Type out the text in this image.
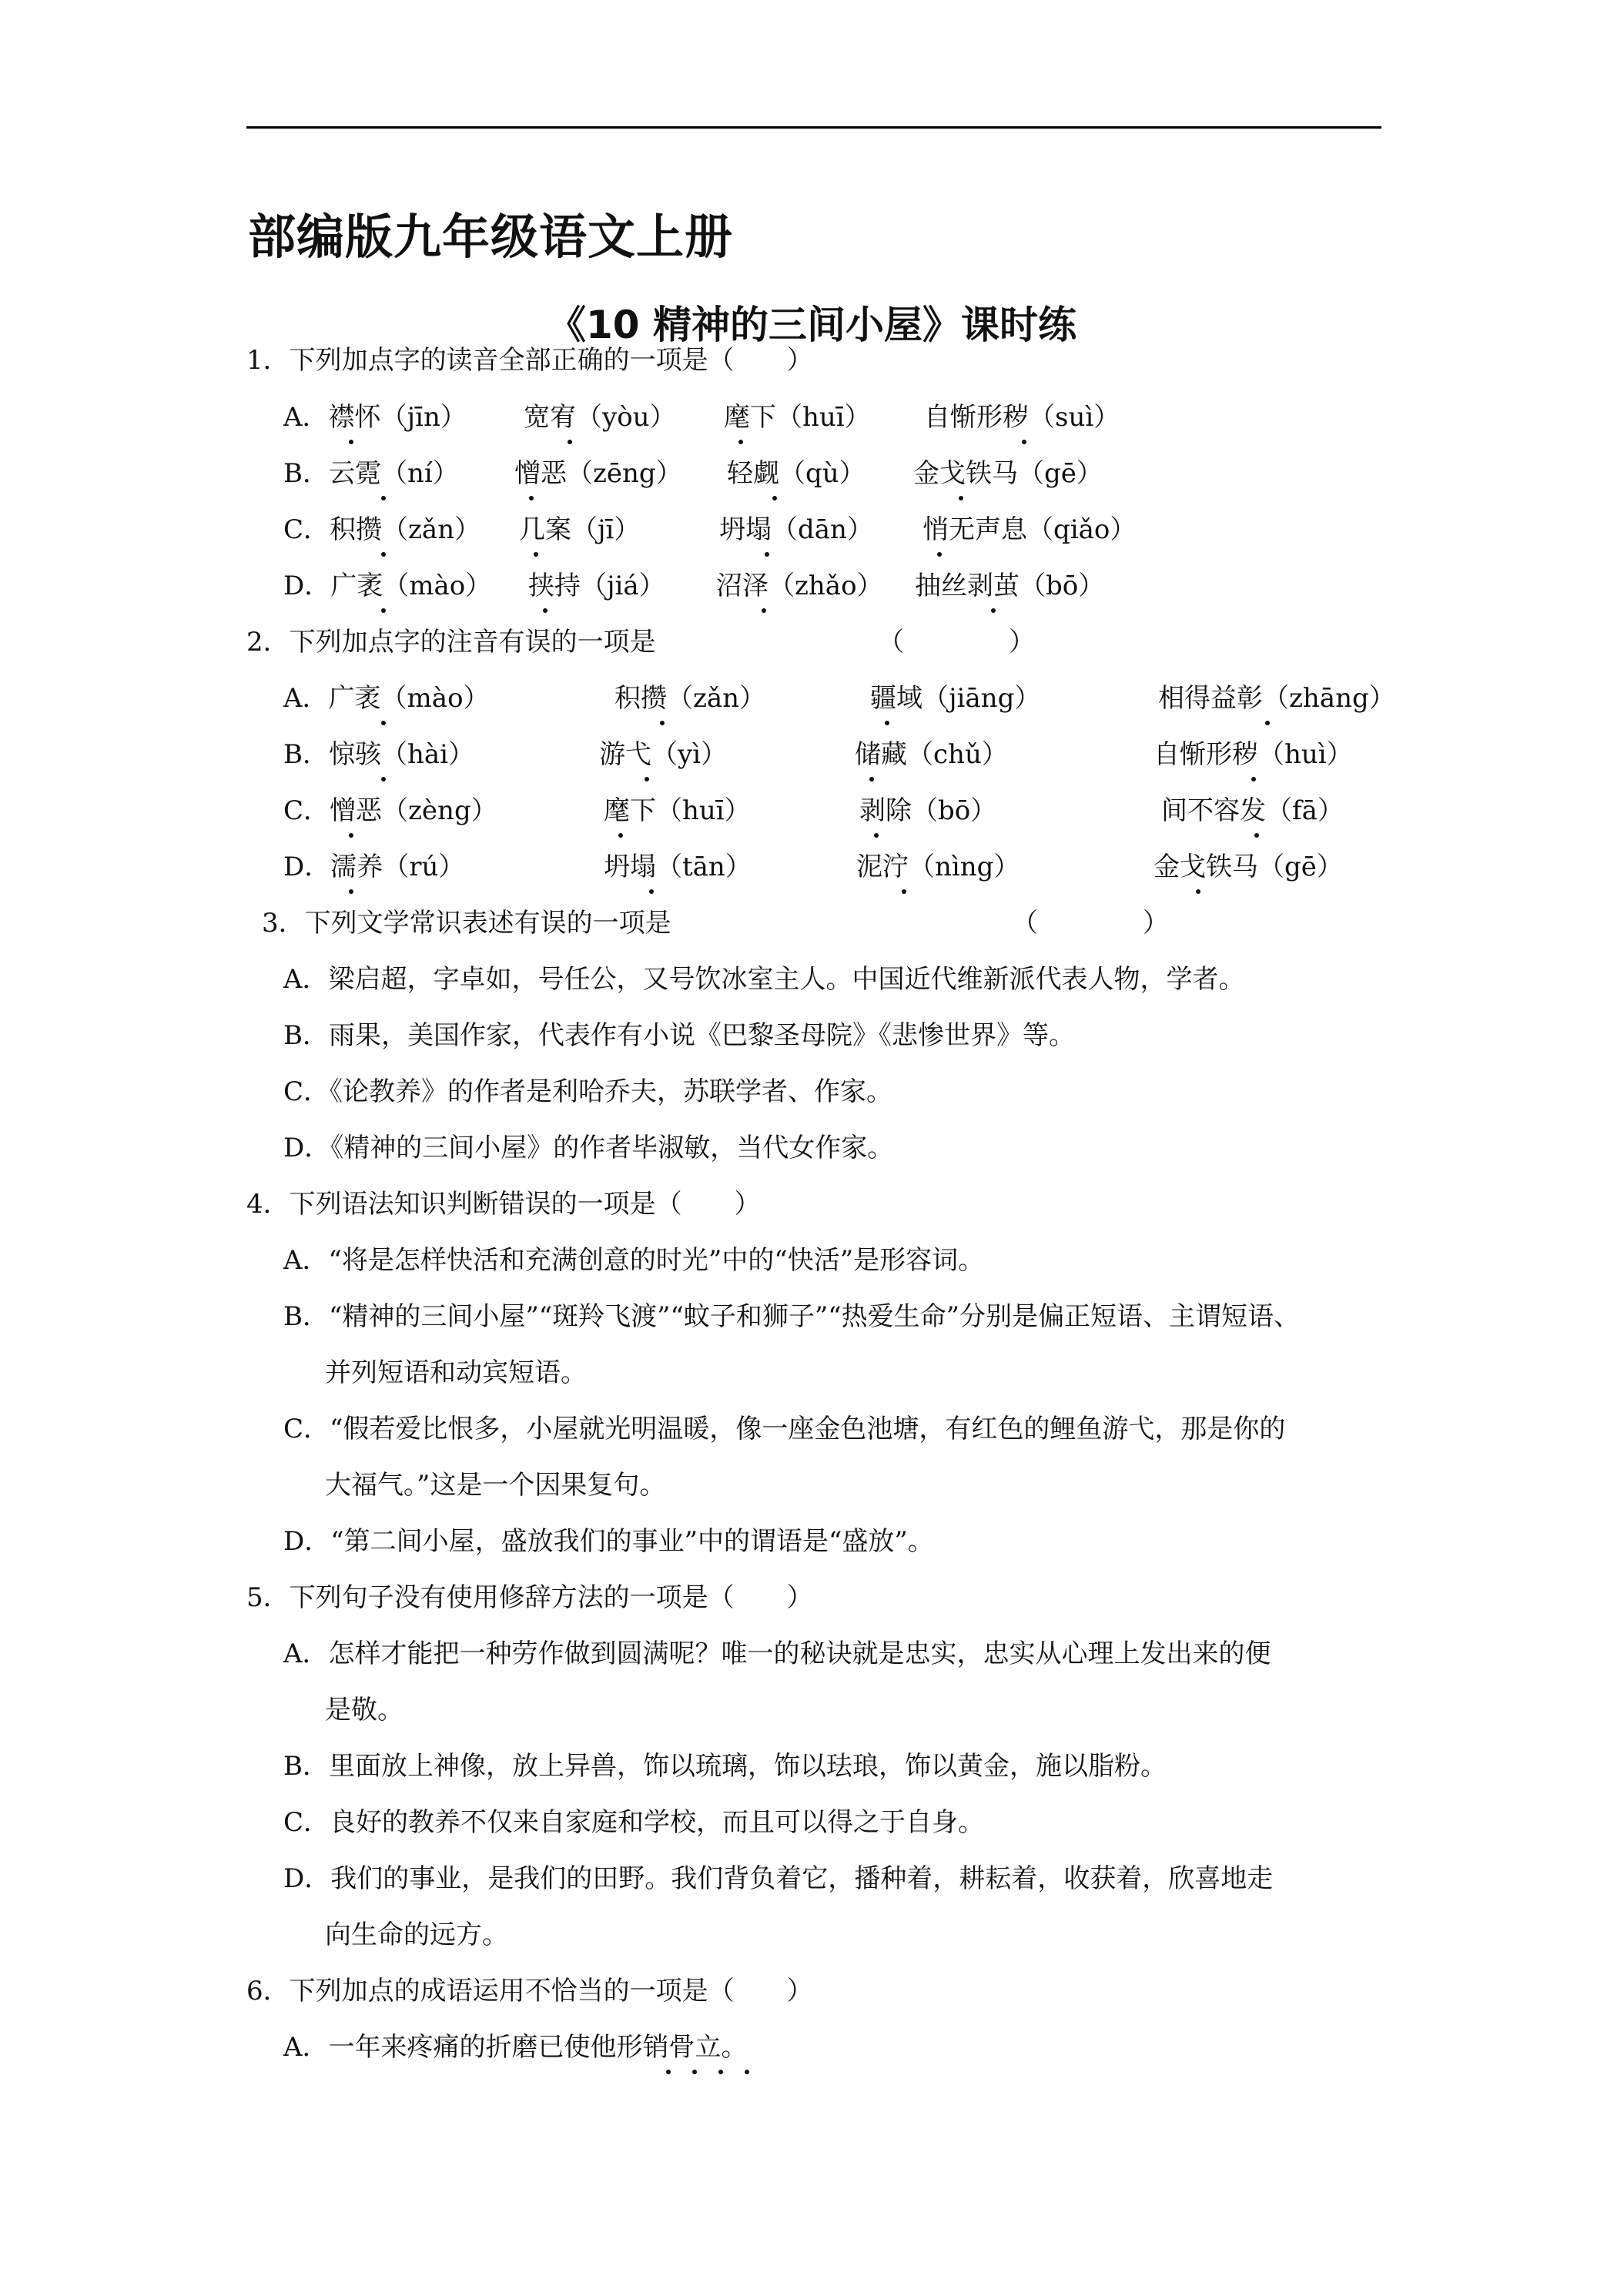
部编版九年级语文上册
《10 精神的三间小屋》课时练
1．下列加点字的读音全部正确的一项是（　　）
A．襟怀（jīn） 宽宥（yòu） 麾下（huī） 自惭形秽（suì）
B．云霓（ní） 憎恶（zēng） 轻觑（qù） 金戈铁马（gē）
C．积攒（zǎn） 几案（jī）	坍塌（dān） 悄无声息（qiǎo）
D．广袤（mào） 挟持（jiá） 沼泽（zhǎo） 抽丝剥茧（bō）
2．下列加点字的注音有误的一项是	（　　　　）
A．广袤（mào）	积攒（zǎn）	疆域（jiāng）	相得益彰（zhāng）
B．惊骇（hài）	游弋（yì）	储藏（chǔ）	自惭形秽（huì）
C．憎恶（zèng）	麾下（huī）	剥除（bō）	间不容发（fā）
D．濡养（rú）	坍塌（tān）	泥泞（nìng）	金戈铁马（gē）
3．下列文学常识表述有误的一项是	（　　　　）
A．梁启超，字卓如，号任公，又号饮冰室主人。中国近代维新派代表人物，学者。
B．雨果，美国作家，代表作有小说《巴黎圣母院》《悲惨世界》等。
C．《论教养》的作者是利哈乔夫，苏联学者、作家。
D．《精神的三间小屋》的作者毕淑敏，当代女作家。
4．下列语法知识判断错误的一项是（　　）
A．“将是怎样快活和充满创意的时光”中的“快活”是形容词。
B．“精神的三间小屋”“斑羚飞渡”“蚊子和狮子”“热爱生命”分别是偏正短语、主谓短语、
并列短语和动宾短语。
C．“假若爱比恨多，小屋就光明温暖，像一座金色池塘，有红色的鲤鱼游弋，那是你的
大福气。”这是一个因果复句。
D．“第二间小屋，盛放我们的事业”中的谓语是“盛放”。
5．下列句子没有使用修辞方法的一项是（　　）
A．怎样才能把一种劳作做到圆满呢？唯一的秘诀就是忠实，忠实从心理上发出来的便
是敬。
B．里面放上神像，放上异兽，饰以琉璃，饰以珐琅，饰以黄金，施以脂粉。
C．良好的教养不仅来自家庭和学校，而且可以得之于自身。
D．我们的事业，是我们的田野。我们背负着它，播种着，耕耘着，收获着，欣喜地走
向生命的远方。
6．下列加点的成语运用不恰当的一项是（　　）
A．一年来疼痛的折磨已使他形销骨立。
